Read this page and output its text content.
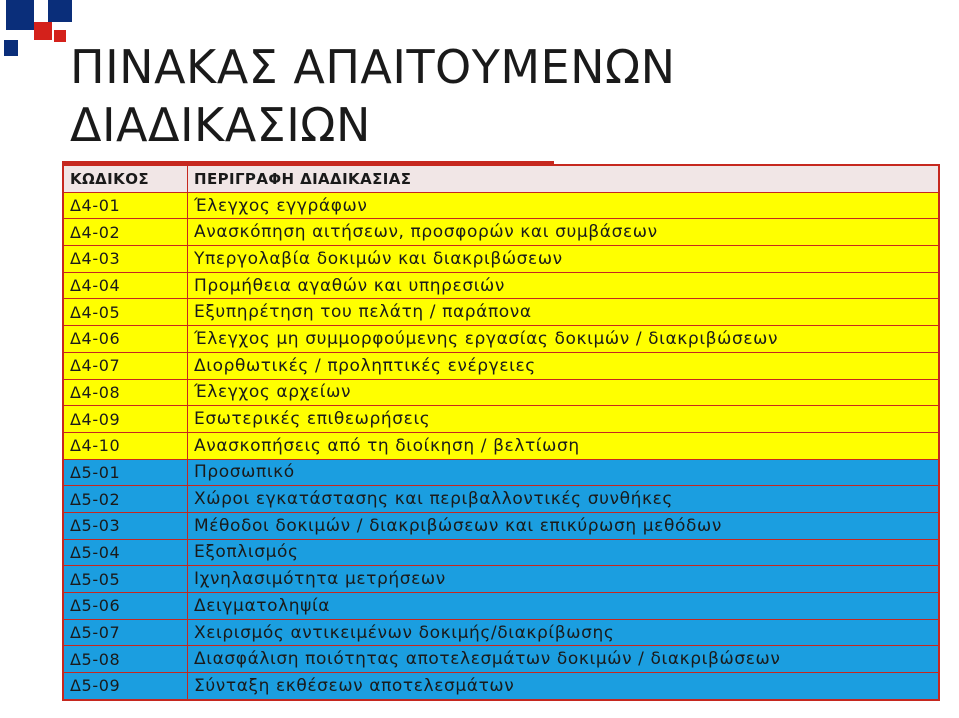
ΠΙΝΑΚΑΣ ΑΠΑΙΤΟΥΜΕΝΩΝ
ΔΙΑΔΙΚΑΣΙΩΝ
ΚΩΔΙΚΟΣ	ΠΕΡΙΓΡΑΦΗ ΔΙΑΔΙΚΑΣΙΑΣ
Δ4-01	Έλεγχος εγγράφων
Δ4-02	Ανασκόπηση αιτήσεων, προσφορών και συμβάσεων
Δ4-03	Υπεργολαβία δοκιμών και διακριβώσεων
Δ4-04	Προμήθεια αγαθών και υπηρεσιών
Δ4-05	Εξυπηρέτηση του πελάτη / παράπονα
Δ4-06	Έλεγχος μη συμμορφούμενης εργασίας δοκιμών / διακριβώσεων
Δ4-07	Διορθωτικές / προληπτικές ενέργειες
Δ4-08	Έλεγχος αρχείων
Δ4-09	Εσωτερικές επιθεωρήσεις
Δ4-10	Ανασκοπήσεις από τη διοίκηση / βελτίωση
Δ5-01	Προσωπικό
Δ5-02	Χώροι εγκατάστασης και περιβαλλοντικές συνθήκες
Δ5-03	Μέθοδοι δοκιμών / διακριβώσεων και επικύρωση μεθόδων
Δ5-04	Εξοπλισμός
Δ5-05	Ιχνηλασιμότητα μετρήσεων
Δ5-06	Δειγματοληψία
Δ5-07	Χειρισμός αντικειμένων δοκιμής/διακρίβωσης
Δ5-08	Διασφάλιση ποιότητας αποτελεσμάτων δοκιμών / διακριβώσεων
Δ5-09	Σύνταξη εκθέσεων αποτελεσμάτων
